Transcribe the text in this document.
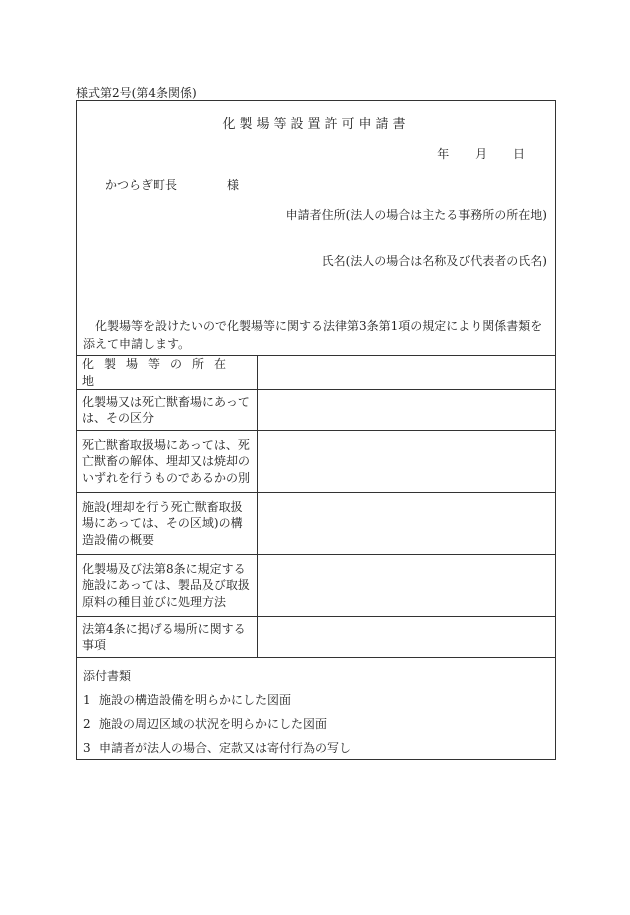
様式第2号(第4条関係)
化製場等設置許可申請書
年 月 日
かつらぎ町長	様
申請者住所(法人の場合は主たる事務所の所在地)
氏名(法人の場合は名称及び代表者の氏名)
化製場等を設けたいので化製場等に関する法律第3条第1項の規定により関係書類を添えて申請します。
化製場等の所在地	
化製場又は死亡獣畜場にあっては、その区分	
死亡獣畜取扱場にあっては、死亡獣畜の解体、埋却又は焼却のいずれを行うものであるかの別	
施設(埋却を行う死亡獣畜取扱場にあっては、その区域)の構造設備の概要	
化製場及び法第8条に規定する施設にあっては、製品及び取扱原料の種目並びに処理方法	
法第4条に掲げる場所に関する事項	
添付書類
1 施設の構造設備を明らかにした図面
2 施設の周辺区域の状況を明らかにした図面
3 申請者が法人の場合、定款又は寄付行為の写し
